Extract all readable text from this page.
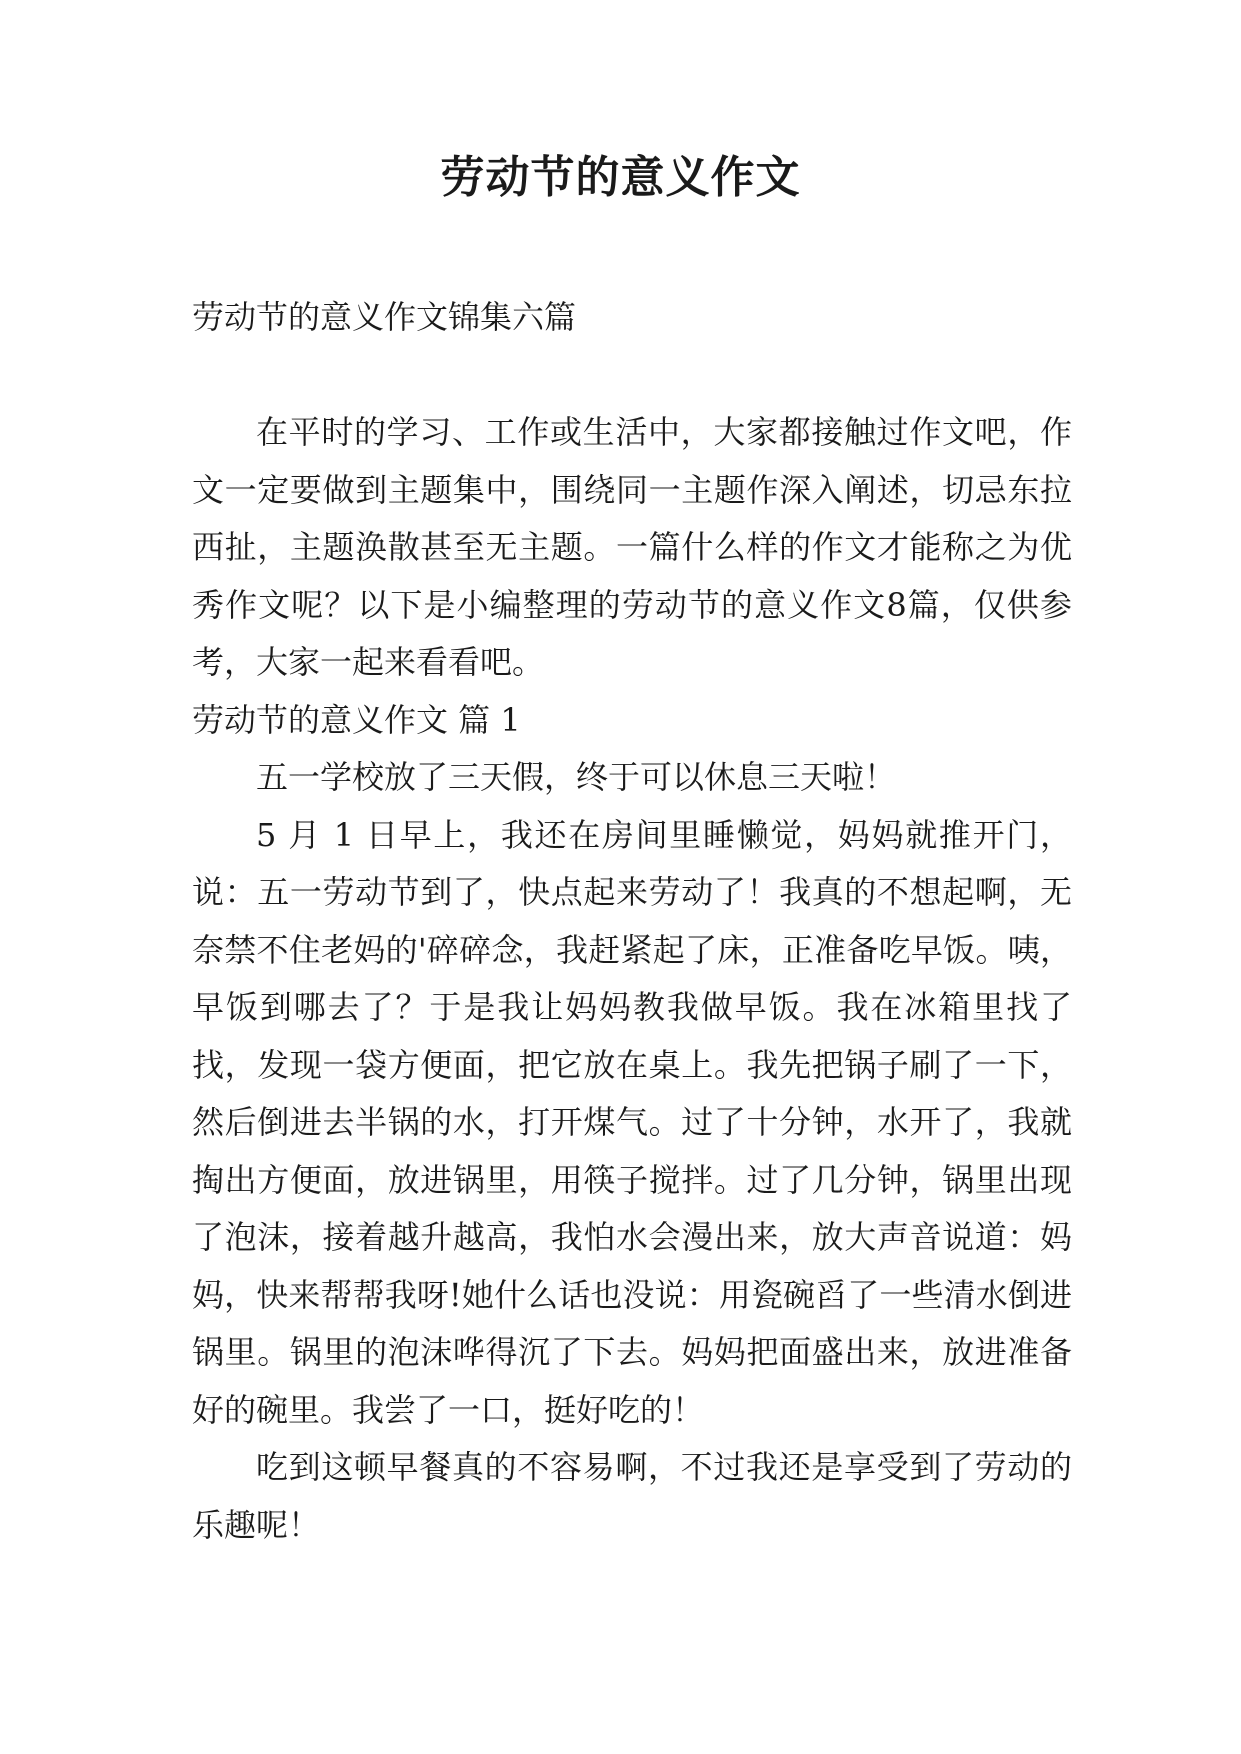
劳动节的意义作文

劳动节的意义作文锦集六篇

在平时的学习、工作或生活中，大家都接触过作文吧，作文一定要做到主题集中，围绕同一主题作深入阐述，切忌东拉西扯，主题涣散甚至无主题。一篇什么样的作文才能称之为优秀作文呢？以下是小编整理的劳动节的意义作文8篇，仅供参考，大家一起来看看吧。

劳动节的意义作文 篇 1

五一学校放了三天假，终于可以休息三天啦！

5 月 1 日早上，我还在房间里睡懒觉，妈妈就推开门，说：五一劳动节到了，快点起来劳动了！我真的不想起啊，无奈禁不住老妈的'碎碎念，我赶紧起了床，正准备吃早饭。咦，早饭到哪去了？于是我让妈妈教我做早饭。我在冰箱里找了找，发现一袋方便面，把它放在桌上。我先把锅子刷了一下，然后倒进去半锅的水，打开煤气。过了十分钟，水开了，我就掏出方便面，放进锅里，用筷子搅拌。过了几分钟，锅里出现了泡沫，接着越升越高，我怕水会漫出来，放大声音说道：妈妈，快来帮帮我呀!她什么话也没说：用瓷碗舀了一些清水倒进锅里。锅里的泡沫哗得沉了下去。妈妈把面盛出来，放进准备好的碗里。我尝了一口，挺好吃的！

吃到这顿早餐真的不容易啊，不过我还是享受到了劳动的乐趣呢！
